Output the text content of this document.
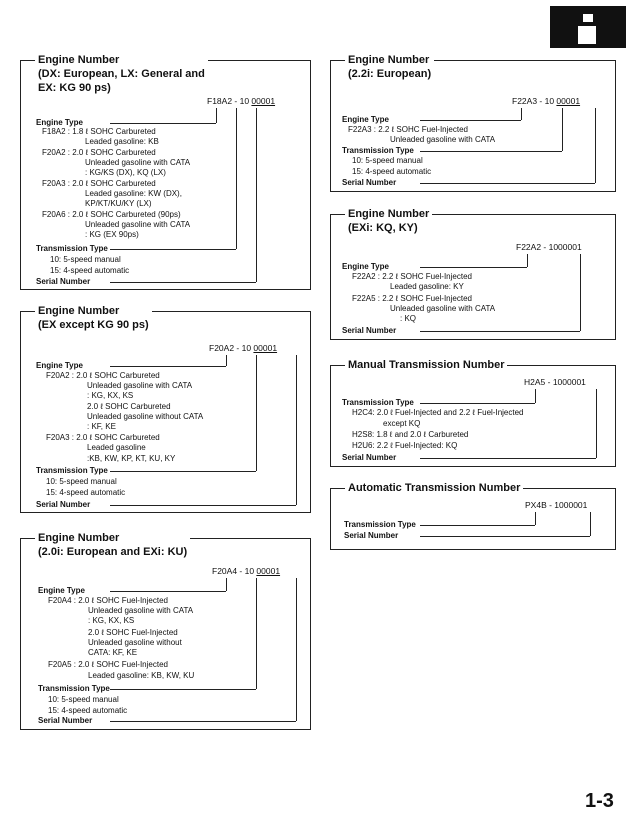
Engine Number
(DX: European, LX: General and
EX: KG 90 ps)
F18A2 - 10 00001
Engine Type
F18A2 : 1.8 ℓ SOHC Carbureted
Leaded gasoline: KB
F20A2 : 2.0 ℓ SOHC Carbureted
Unleaded gasoline with CATA
: KG/KS (DX), KQ (LX)
F20A3 : 2.0 ℓ SOHC Carbureted
Leaded gasoline: KW (DX),
KP/KT/KU/KY (LX)
F20A6 : 2.0 ℓ SOHC Carbureted (90ps)
Unleaded gasoline with CATA
: KG (EX 90ps)
Transmission Type
10: 5-speed manual
15: 4-speed automatic
Serial Number
Engine Number
(2.2i: European)
F22A3 - 10 00001
Engine Type
F22A3 : 2.2 ℓ SOHC Fuel-Injected
Unleaded gasoline with CATA
Transmission Type
10: 5-speed manual
15: 4-speed automatic
Serial Number
Engine Number
(EXi: KQ, KY)
F22A2 - 1000001
Engine Type
F22A2 : 2.2 ℓ SOHC Fuel-Injected
Leaded gasoline: KY
F22A5 : 2.2 ℓ SOHC Fuel-Injected
Unleaded gasoline with CATA
: KQ
Serial Number
Engine Number
(EX except KG 90 ps)
F20A2 - 10 00001
Engine Type
F20A2 : 2.0 ℓ SOHC Carbureted
Unleaded gasoline with CATA
: KG, KX, KS
2.0 ℓ SOHC Carbureted
Unleaded gasoline without CATA
: KF, KE
F20A3 : 2.0 ℓ SOHC Carbureted
Leaded gasoline
:KB, KW, KP, KT, KU, KY
Transmission Type
10: 5-speed manual
15: 4-speed automatic
Serial Number
Manual Transmission Number
H2A5 - 1000001
Transmission Type
H2C4: 2.0 ℓ Fuel-Injected and 2.2 ℓ Fuel-Injected
except KQ
H2S8: 1.8 ℓ and 2.0 ℓ Carbureted
H2U6: 2.2 ℓ Fuel-Injected: KQ
Serial Number
Automatic Transmission Number
PX4B - 1000001
Transmission Type
Serial Number
Engine Number
(2.0i: European and EXi: KU)
F20A4 - 10 00001
Engine Type
F20A4 : 2.0 ℓ SOHC Fuel-Injected
Unleaded gasoline with CATA
: KG, KX, KS
2.0 ℓ SOHC Fuel-Injected
Unleaded gasoline without
CATA: KF, KE
F20A5 : 2.0 ℓ SOHC Fuel-Injected
Leaded gasoline: KB, KW, KU
Transmission Type
10: 5-speed manual
15: 4-speed automatic
Serial Number
1-3
